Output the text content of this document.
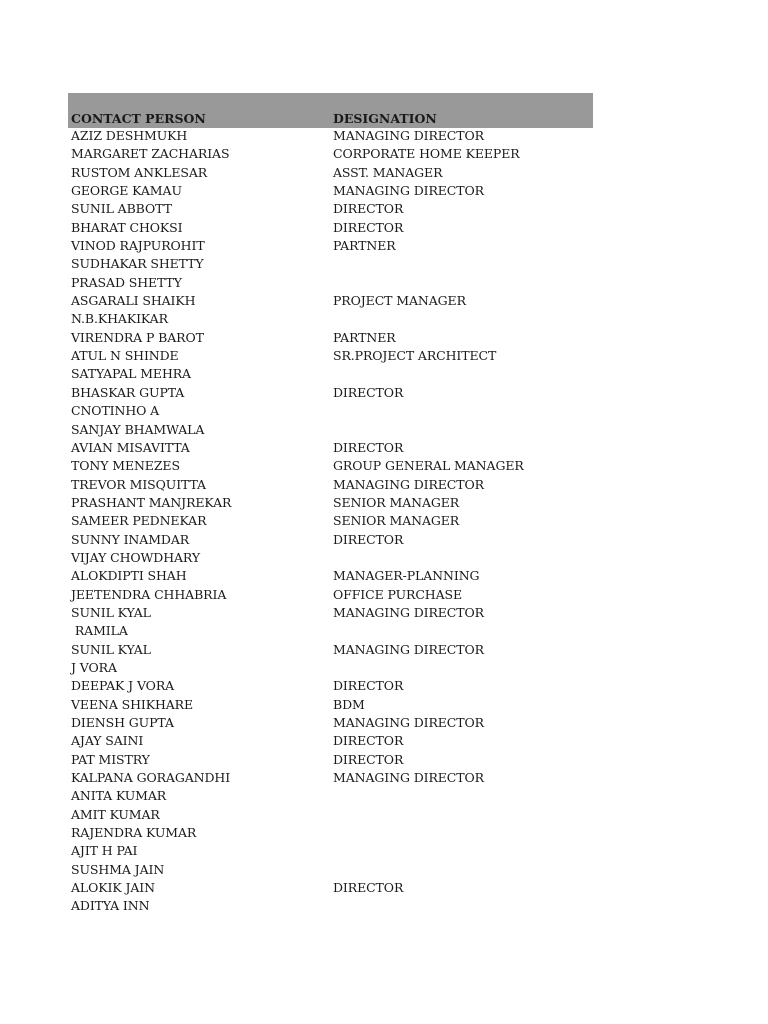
CONTACT PERSON	DESIGNATION
AZIZ DESHMUKH	MANAGING DIRECTOR
MARGARET ZACHARIAS	CORPORATE HOME KEEPER
RUSTOM ANKLESAR	ASST. MANAGER
GEORGE KAMAU	MANAGING DIRECTOR
SUNIL ABBOTT	DIRECTOR
BHARAT CHOKSI	DIRECTOR
VINOD RAJPUROHIT	PARTNER
SUDHAKAR SHETTY
PRASAD SHETTY
ASGARALI SHAIKH	PROJECT MANAGER
N.B.KHAKIKAR
VIRENDRA P BAROT	PARTNER
ATUL N SHINDE	SR.PROJECT ARCHITECT
SATYAPAL MEHRA
BHASKAR GUPTA	DIRECTOR
CNOTINHO A
SANJAY BHAMWALA
AVIAN MISAVITTA	DIRECTOR
TONY MENEZES	GROUP GENERAL MANAGER
TREVOR MISQUITTA	MANAGING DIRECTOR
PRASHANT MANJREKAR	SENIOR MANAGER
SAMEER PEDNEKAR	SENIOR MANAGER
SUNNY INAMDAR	DIRECTOR
VIJAY CHOWDHARY
ALOKDIPTI SHAH	MANAGER-PLANNING
JEETENDRA CHHABRIA	OFFICE PURCHASE
SUNIL KYAL	MANAGING DIRECTOR
RAMILA
SUNIL KYAL	MANAGING DIRECTOR
J VORA
DEEPAK J VORA	DIRECTOR
VEENA SHIKHARE	BDM
DIENSH GUPTA	MANAGING DIRECTOR
AJAY SAINI	DIRECTOR
PAT MISTRY	DIRECTOR
KALPANA GORAGANDHI	MANAGING DIRECTOR
ANITA KUMAR
AMIT KUMAR
RAJENDRA KUMAR
AJIT H PAI
SUSHMA JAIN
ALOKIK JAIN	DIRECTOR
ADITYA INN
